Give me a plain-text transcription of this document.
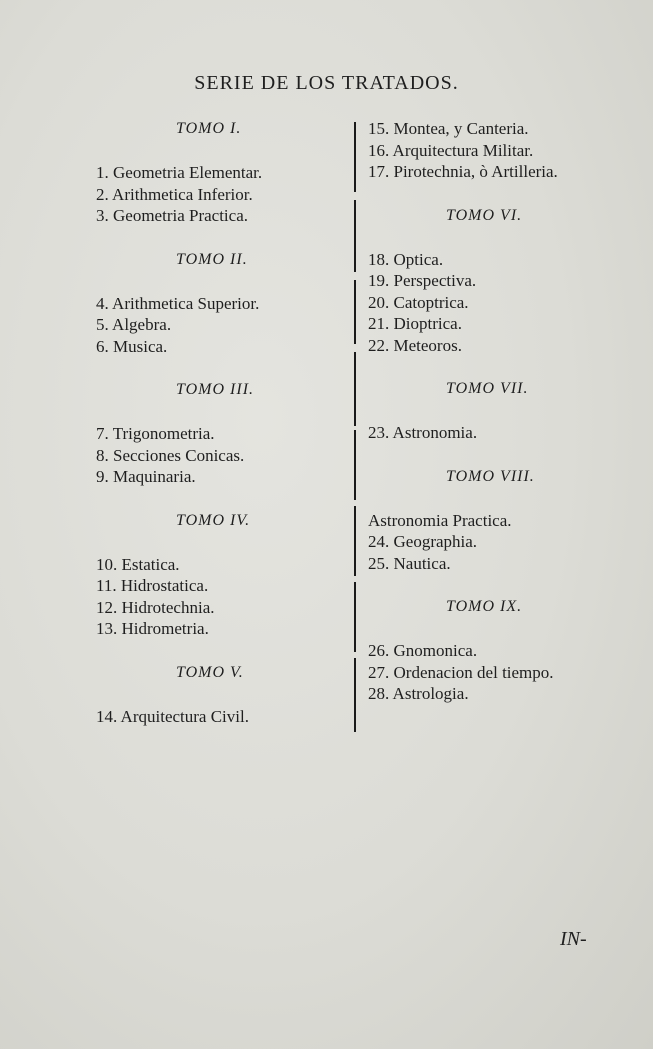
SERIE DE LOS TRATADOS.
TOMO I.
1. Geometria Elementar.
2. Arithmetica Inferior.
3. Geometria Practica.
TOMO II.
4. Arithmetica Superior.
5. Algebra.
6. Musica.
TOMO III.
7. Trigonometria.
8. Secciones Conicas.
9. Maquinaria.
TOMO IV.
10. Estatica.
11. Hidrostatica.
12. Hidrotechnia.
13. Hidrometria.
TOMO V.
14. Arquitectura Civil.
15. Montea, y Canteria.
16. Arquitectura Militar.
17. Pirotechnia, ò Artilleria.
TOMO VI.
18. Optica.
19. Perspectiva.
20. Catoptrica.
21. Dioptrica.
22. Meteoros.
TOMO VII.
23. Astronomia.
TOMO VIII.
Astronomia Practica.
24. Geographia.
25. Nautica.
TOMO IX.
26. Gnomonica.
27. Ordenacion del tiempo.
28. Astrologia.
IN-
